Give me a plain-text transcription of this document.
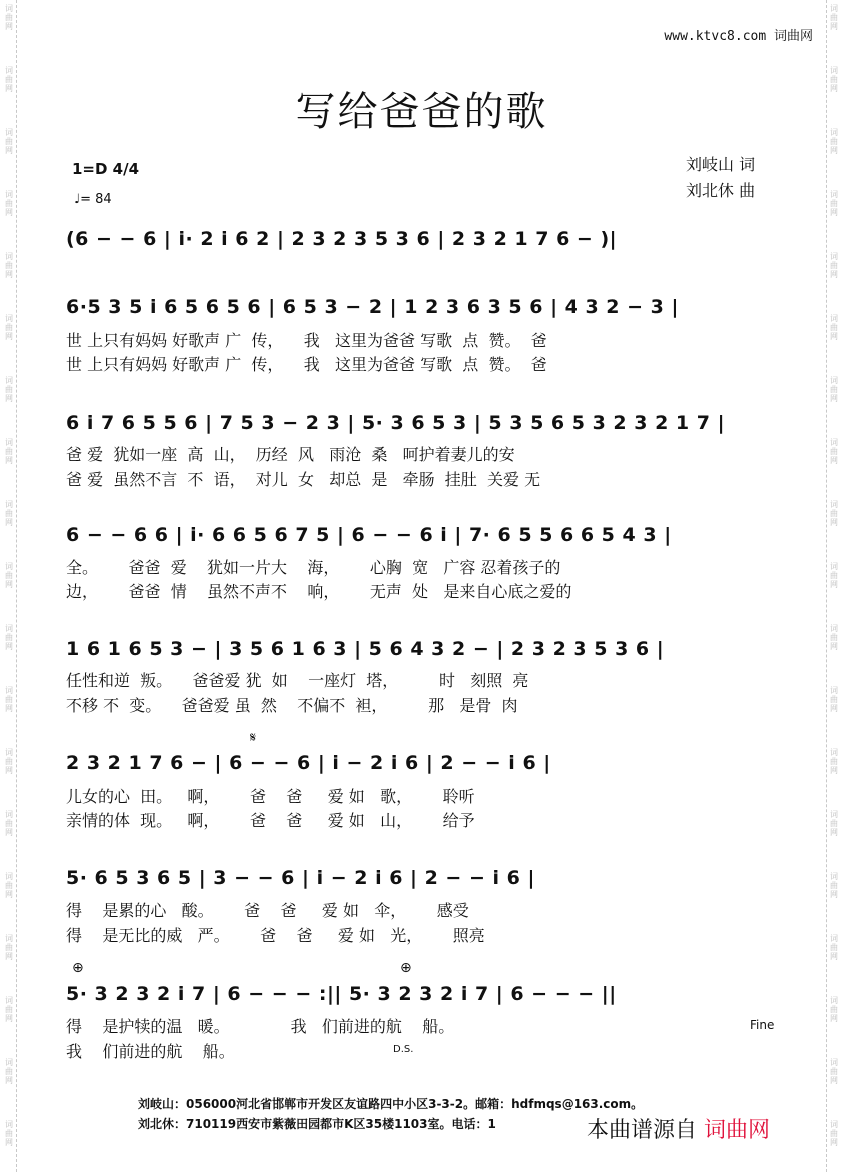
词
曲
网
词
曲
网
词
曲
网
词
曲
网
词
曲
网
词
曲
网
词
曲
网
词
曲
网
词
曲
网
词
曲
网
词
曲
网
词
曲
网
词
曲
网
词
曲
网
词
曲
网
词
曲
网
词
曲
网
词
曲
网
词
曲
网
词
曲
网
词
曲
网
词
曲
网
词
曲
网
词
曲
网
词
曲
网
词
曲
网
词
曲
网
词
曲
网
词
曲
网
词
曲
网
词
曲
网
词
曲
网
词
曲
网
词
曲
网
词
曲
网
词
曲
网
词
曲
网
词
曲
网
www.ktvc8.com 词曲网
写给爸爸的歌
1=D 4/4
♩= 84
刘岐山 词
刘北休 曲
(6 − − 6 | i· 2 i 6 2 | 2 3 2 3 5 3 6 | 2 3 2 1 7 6 − )|
6·5 3 5 i 6 5 6 5 6 | 6 5 3 − 2 | 1 2 3 6 3 5 6 | 4 3 2 − 3 |
世 上只有妈妈 好歌声 广  传，    我   这里为爸爸 写歌  点  赞。  爸
世 上只有妈妈 好歌声 广  传，    我   这里为爸爸 写歌  点  赞。  爸
6 i 7 6 5 5 6 | 7 5 3 − 2 3 | 5· 3 6 5 3 | 5 3 5 6 5 3 2 3 2 1 7 |
爸 爱  犹如一座  高  山，  历经  风   雨沧  桑   呵护着妻儿的安
爸 爱  虽然不言  不  语，  对儿  女   却总  是   牵肠  挂肚  关爱 无
6 − − 6 6 | i· 6 6 5 6 7 5 | 6 − − 6 i | 7· 6 5 5 6 6 5 4 3 |
全。      爸爸  爱    犹如一片大    海，      心胸  宽   广容 忍着孩子的
边，      爸爸  情    虽然不声不    响，      无声  处   是来自心底之爱的
1 6 1 6 5 3 − | 3 5 6 1 6 3 | 5 6 4 3 2 − | 2 3 2 3 5 3 6 |
任性和逆  叛。    爸爸爱 犹  如    一座灯  塔，        时   刻照  亮
不移 不  变。    爸爸爱 虽  然    不偏不  袒，        那   是骨  肉
𝄋
2 3 2 1 7 6 − | 6 − − 6 | i − 2 i 6 | 2 − − i 6 |
儿女的心  田。   啊，      爸    爸     爱 如   歌，      聆听
亲情的体  现。   啊，      爸    爸     爱 如   山，      给予
5· 6 5 3 6 5 | 3 − − 6 | i − 2 i 6 | 2 − − i 6 |
得    是累的心   酸。      爸    爸     爱 如   伞，      感受
得    是无比的威   严。      爸    爸     爱 如   光，      照亮
⊕	⊕
5· 3 2 3 2 i 7 | 6 − − − :|| 5· 3 2 3 2 i 7 | 6 − − − ||
得    是护犊的温   暖。            我   们前进的航    船。
我    们前进的航    船。
Fine
D.S.
刘岐山：056000河北省邯郸市开发区友谊路四中小区3-3-2。邮箱：hdfmqs@163.com。
刘北休：710119西安市紫薇田园都市K区35楼1103室。电话：1	本曲谱源自 词曲网
